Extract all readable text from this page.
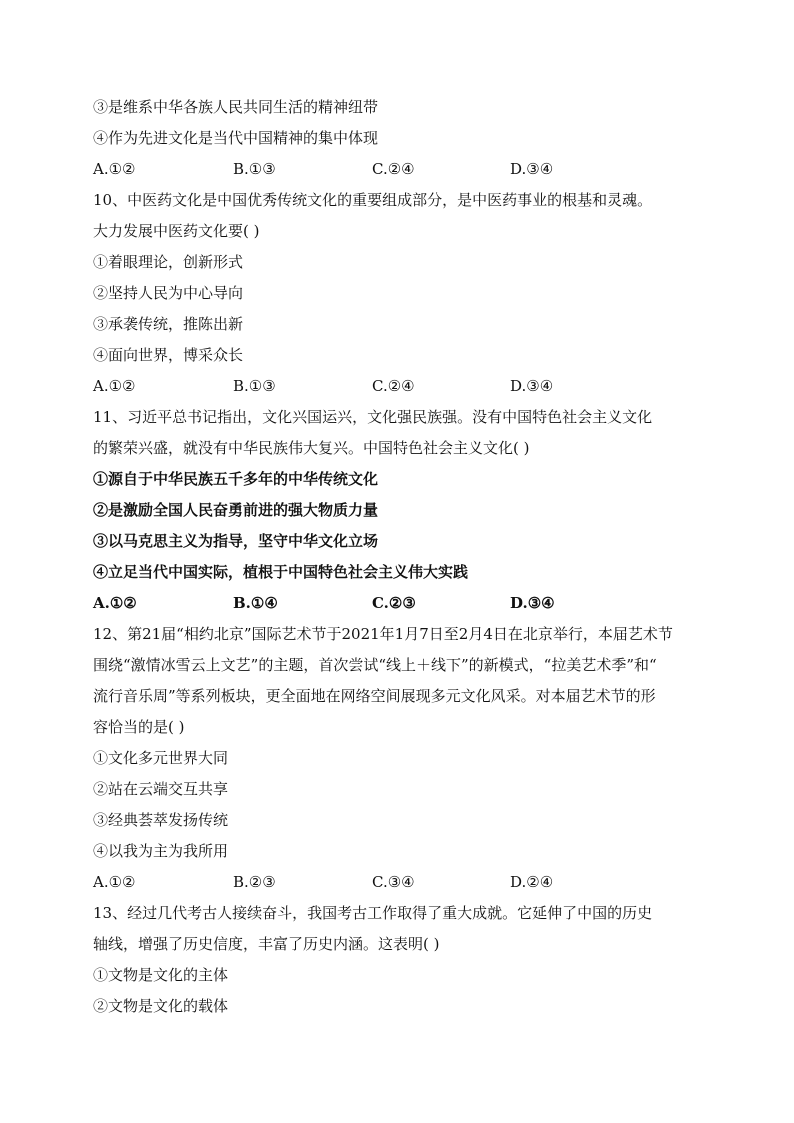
③是维系中华各族人民共同生活的精神纽带
④作为先进文化是当代中国精神的集中体现
A.①②	B.①③	C.②④	D.③④
10、中医药文化是中国优秀传统文化的重要组成部分，是中医药事业的根基和灵魂。
大力发展中医药文化要( )
①着眼理论，创新形式
②坚持人民为中心导向
③承袭传统，推陈出新
④面向世界，博采众长
A.①②	B.①③	C.②④	D.③④
11、习近平总书记指出，文化兴国运兴，文化强民族强。没有中国特色社会主义文化
的繁荣兴盛，就没有中华民族伟大复兴。中国特色社会主义文化( )
①源自于中华民族五千多年的中华传统文化
②是激励全国人民奋勇前进的强大物质力量
③以马克思主义为指导，坚守中华文化立场
④立足当代中国实际，植根于中国特色社会主义伟大实践
A.①②	B.①④	C.②③	D.③④
12、第21届“相约北京”国际艺术节于2021年1月7日至2月4日在北京举行，本届艺术节
围绕“激情冰雪云上文艺”的主题，首次尝试“线上＋线下”的新模式，“拉美艺术季”和“
流行音乐周”等系列板块，更全面地在网络空间展现多元文化风采。对本届艺术节的形
容恰当的是( )
①文化多元世界大同
②站在云端交互共享
③经典荟萃发扬传统
④以我为主为我所用
A.①②	B.②③	C.③④	D.②④
13、经过几代考古人接续奋斗，我国考古工作取得了重大成就。它延伸了中国的历史
轴线，增强了历史信度，丰富了历史内涵。这表明( )
①文物是文化的主体
②文物是文化的载体
